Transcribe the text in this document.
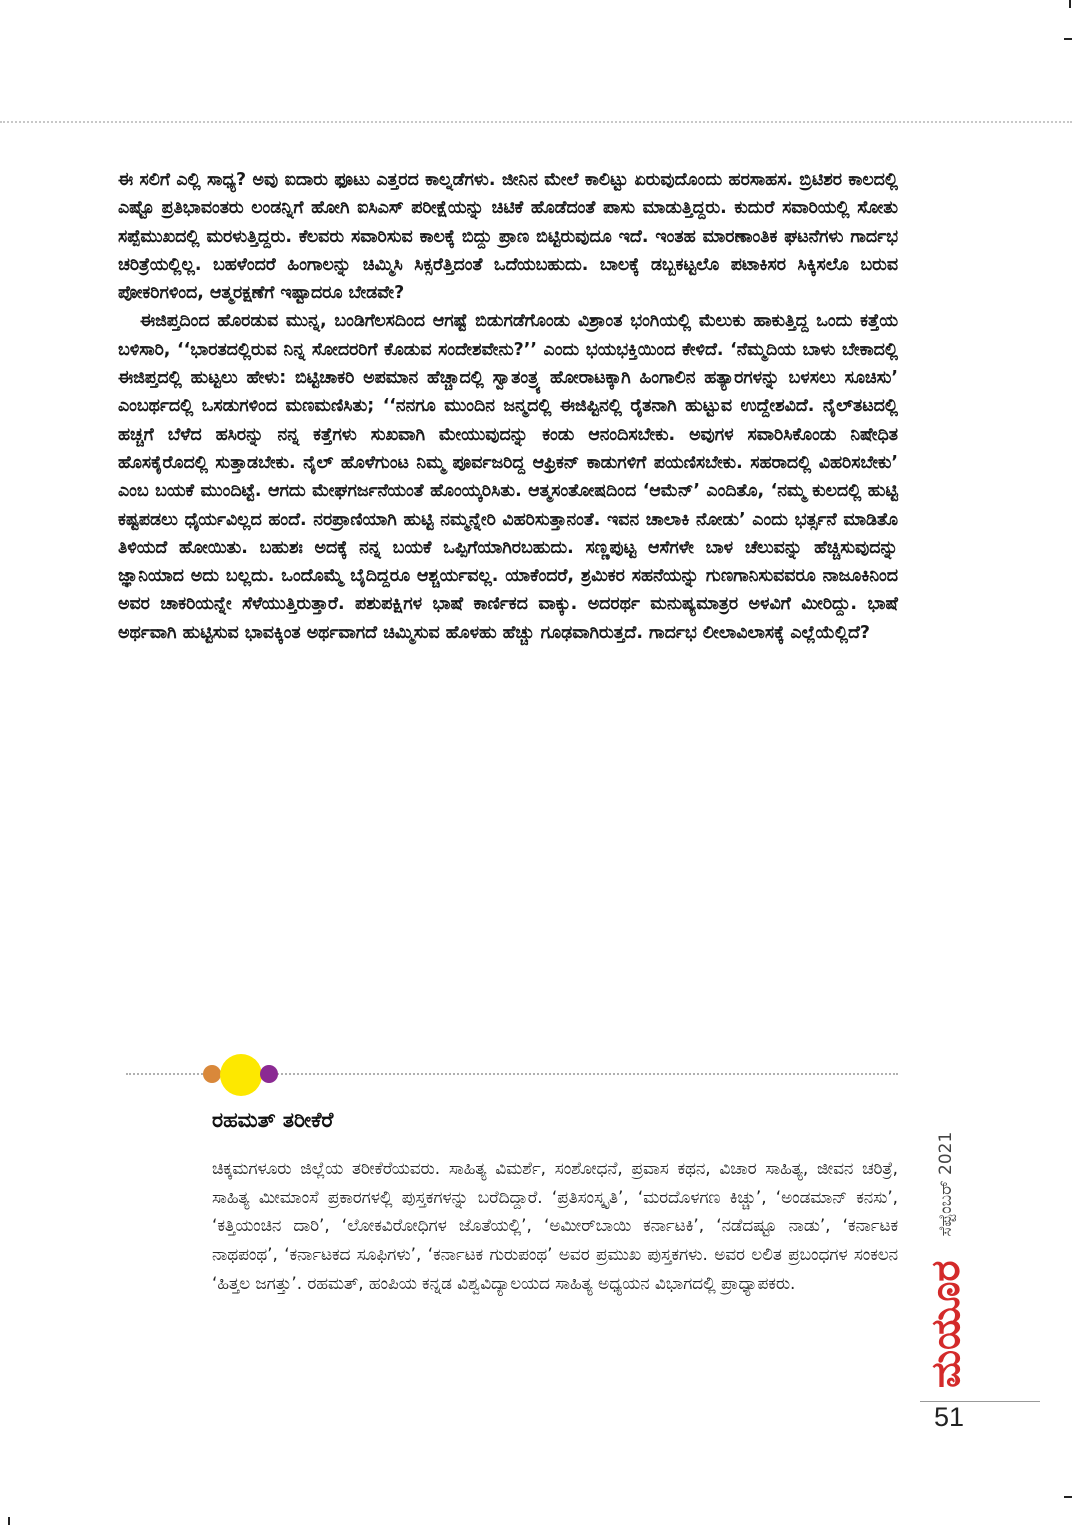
ಈ ಸಲಿಗೆ ಎಲ್ಲಿ ಸಾಧ್ಯ? ಅವು ಐದಾರು ಫೂಟು ಎತ್ತರದ ಕಾಲ್ನಡೆಗಳು. ಜೀನಿನ ಮೇಲೆ ಕಾಲಿಟ್ಟು ಏರುವುದೊಂದು ಹರಸಾಹಸ. ಬ್ರಿಟಿಶರ ಕಾಲದಲ್ಲಿ ಎಷ್ಟೊ ಪ್ರತಿಭಾವಂತರು ಲಂಡನ್ನಿಗೆ ಹೋಗಿ ಐಸಿಎಸ್ ಪರೀಕ್ಷೆಯನ್ನು ಚಿಟಿಕೆ ಹೊಡೆದಂತೆ ಪಾಸು ಮಾಡುತ್ತಿದ್ದರು. ಕುದುರೆ ಸವಾರಿಯಲ್ಲಿ ಸೋತು ಸಪ್ಪೆಮುಖದಲ್ಲಿ ಮರಳುತ್ತಿದ್ದರು. ಕೆಲವರು ಸವಾರಿಸುವ ಕಾಲಕ್ಕೆ ಬಿದ್ದು ಪ್ರಾಣ ಬಿಟ್ಟಿರುವುದೂ ಇದೆ. ಇಂತಹ ಮಾರಣಾಂತಿಕ ಘಟನೆಗಳು ಗಾರ್ದಭ ಚರಿತ್ರೆಯಲ್ಲಿಲ್ಲ. ಬಹಳೆಂದರೆ ಹಿಂಗಾಲನ್ನು ಚಿಮ್ಮಿಸಿ ಸಿಕ್ಸರೆತ್ತಿದಂತೆ ಒದೆಯಬಹುದು. ಬಾಲಕ್ಕೆ ಡಬ್ಬಕಟ್ಟಲೊ ಪಟಾಕಿಸರ ಸಿಕ್ಕಿಸಲೊ ಬರುವ ಪೋಕರಿಗಳಿಂದ, ಆತ್ಮರಕ್ಷಣೆಗೆ ಇಷ್ಟಾದರೂ ಬೇಡವೇ?

ಈಜಿಪ್ತದಿಂದ ಹೊರಡುವ ಮುನ್ನ, ಬಂಡಿಗೆಲಸದಿಂದ ಆಗಷ್ಟೆ ಬಿಡುಗಡೆಗೊಂಡು ವಿಶ್ರಾಂತ ಭಂಗಿಯಲ್ಲಿ ಮೆಲುಕು ಹಾಕುತ್ತಿದ್ದ ಒಂದು ಕತ್ತೆಯ ಬಳಿಸಾರಿ, ‘‘ಭಾರತದಲ್ಲಿರುವ ನಿನ್ನ ಸೋದರರಿಗೆ ಕೊಡುವ ಸಂದೇಶವೇನು?’’ ಎಂದು ಭಯಭಕ್ತಿಯಿಂದ ಕೇಳಿದೆ. ‘ನೆಮ್ಮದಿಯ ಬಾಳು ಬೇಕಾದಲ್ಲಿ ಈಜಿಪ್ತದಲ್ಲಿ ಹುಟ್ಟಲು ಹೇಳು: ಬಿಟ್ಟಿಚಾಕರಿ ಅಪಮಾನ ಹೆಚ್ಚಾದಲ್ಲಿ ಸ್ವಾತಂತ್ರ್ಯ ಹೋರಾಟಕ್ಕಾಗಿ ಹಿಂಗಾಲಿನ ಹತ್ಯಾರಗಳನ್ನು ಬಳಸಲು ಸೂಚಿಸು’ ಎಂಬರ್ಥದಲ್ಲಿ ಒಸಡುಗಳಿಂದ ಮಣಮಣಿಸಿತು; ‘‘ನನಗೂ ಮುಂದಿನ ಜನ್ಮದಲ್ಲಿ ಈಜಿಪ್ಟಿನಲ್ಲಿ ರೈತನಾಗಿ ಹುಟ್ಟುವ ಉದ್ದೇಶವಿದೆ. ನೈಲ್‌ತಟದಲ್ಲಿ ಹಚ್ಚಗೆ ಬೆಳೆದ ಹಸಿರನ್ನು ನನ್ನ ಕತ್ತೆಗಳು ಸುಖವಾಗಿ ಮೇಯುವುದನ್ನು ಕಂಡು ಆನಂದಿಸಬೇಕು. ಅವುಗಳ ಸವಾರಿಸಿಕೊಂಡು ನಿಷೇಧಿತ ಹೊಸಕೈರೊದಲ್ಲಿ ಸುತ್ತಾಡಬೇಕು. ನೈಲ್ ಹೊಳೆಗುಂಟ ನಿಮ್ಮ ಪೂರ್ವಜರಿದ್ದ ಆಫ್ರಿಕನ್ ಕಾಡುಗಳಿಗೆ ಪಯಣಿಸಬೇಕು. ಸಹರಾದಲ್ಲಿ ವಿಹರಿಸಬೇಕು’ ಎಂಬ ಬಯಕೆ ಮುಂದಿಟ್ಟೆ. ಆಗದು ಮೇಘಗರ್ಜನೆಯಂತೆ ಹೊಂಯ್ಕರಿಸಿತು. ಆತ್ಮಸಂತೋಷದಿಂದ ‘ಆಮೆನ್’ ಎಂದಿತೊ, ‘ನಮ್ಮ ಕುಲದಲ್ಲಿ ಹುಟ್ಟಿ ಕಷ್ಟಪಡಲು ಧೈರ್ಯವಿಲ್ಲದ ಹಂದೆ. ನರಪ್ರಾಣಿಯಾಗಿ ಹುಟ್ಟಿ ನಮ್ಮನ್ನೇರಿ ವಿಹರಿಸುತ್ತಾನಂತೆ. ಇವನ ಚಾಲಾಕಿ ನೋಡು’ ಎಂದು ಭರ್ತ್ಸನೆ ಮಾಡಿತೊ ತಿಳಿಯದೆ ಹೋಯಿತು. ಬಹುಶಃ ಅದಕ್ಕೆ ನನ್ನ ಬಯಕೆ ಒಪ್ಪಿಗೆಯಾಗಿರಬಹುದು. ಸಣ್ಣಪುಟ್ಟ ಆಸೆಗಳೇ ಬಾಳ ಚೆಲುವನ್ನು ಹೆಚ್ಚಿಸುವುದನ್ನು ಜ್ಞಾನಿಯಾದ ಅದು ಬಲ್ಲದು. ಒಂದೊಮ್ಮೆ ಬೈದಿದ್ದರೂ ಆಶ್ಚರ್ಯವಲ್ಲ. ಯಾಕೆಂದರೆ, ಶ್ರಮಿಕರ ಸಹನೆಯನ್ನು ಗುಣಗಾನಿಸುವವರೂ ನಾಜೂಕಿನಿಂದ ಅವರ ಚಾಕರಿಯನ್ನೇ ಸೆಳೆಯುತ್ತಿರುತ್ತಾರೆ. ಪಶುಪಕ್ಷಿಗಳ ಭಾಷೆ ಕಾರ್ಣಿಕದ ವಾಕ್ಕು. ಅದರರ್ಥ ಮನುಷ್ಯಮಾತ್ರರ ಅಳವಿಗೆ ಮೀರಿದ್ದು. ಭಾಷೆ ಅರ್ಥವಾಗಿ ಹುಟ್ಟಿಸುವ ಭಾವಕ್ಕಿಂತ ಅರ್ಥವಾಗದೆ ಚಿಮ್ಮಿಸುವ ಹೊಳಹು ಹೆಚ್ಚು ಗೂಢವಾಗಿರುತ್ತದೆ. ಗಾರ್ದಭ ಲೀಲಾವಿಲಾಸಕ್ಕೆ ಎಲ್ಲೆಯೆಲ್ಲಿದೆ?

ರಹಮತ್ ತರೀಕೆರೆ
ಚಿಕ್ಕಮಗಳೂರು ಜಿಲ್ಲೆಯ ತರೀಕೆರೆಯವರು. ಸಾಹಿತ್ಯ ವಿಮರ್ಶೆ, ಸಂಶೋಧನೆ, ಪ್ರವಾಸ ಕಥನ, ವಿಚಾರ ಸಾಹಿತ್ಯ, ಜೀವನ ಚರಿತ್ರೆ, ಸಾಹಿತ್ಯ ಮೀಮಾಂಸೆ ಪ್ರಕಾರಗಳಲ್ಲಿ ಪುಸ್ತಕಗಳನ್ನು ಬರೆದಿದ್ದಾರೆ. ‘ಪ್ರತಿಸಂಸ್ಕೃತಿ’, ‘ಮರದೊಳಗಣ ಕಿಚ್ಚು’, ‘ಅಂಡಮಾನ್ ಕನಸು’, ‘ಕತ್ತಿಯಂಚಿನ ದಾರಿ’, ‘ಲೋಕವಿರೋಧಿಗಳ ಜೊತೆಯಲ್ಲಿ’, ‘ಅಮೀರ್‌ಬಾಯಿ ಕರ್ನಾಟಕಿ’, ‘ನಡೆದಷ್ಟೂ ನಾಡು’, ‘ಕರ್ನಾಟಕ ನಾಥಪಂಥ’, ‘ಕರ್ನಾಟಕದ ಸೂಫಿಗಳು’, ‘ಕರ್ನಾಟಕ ಗುರುಪಂಥ’ ಅವರ ಪ್ರಮುಖ ಪುಸ್ತಕಗಳು. ಅವರ ಲಲಿತ ಪ್ರಬಂಧಗಳ ಸಂಕಲನ ‘ಹಿತ್ತಲ ಜಗತ್ತು’. ರಹಮತ್, ಹಂಪಿಯ ಕನ್ನಡ ವಿಶ್ವವಿದ್ಯಾಲಯದ ಸಾಹಿತ್ಯ ಅಧ್ಯಯನ ವಿಭಾಗದಲ್ಲಿ ಪ್ರಾಧ್ಯಾಪಕರು.	ಮಯೂರ
ಸೆಪ್ಟೆಂಬರ್ 2021
51
